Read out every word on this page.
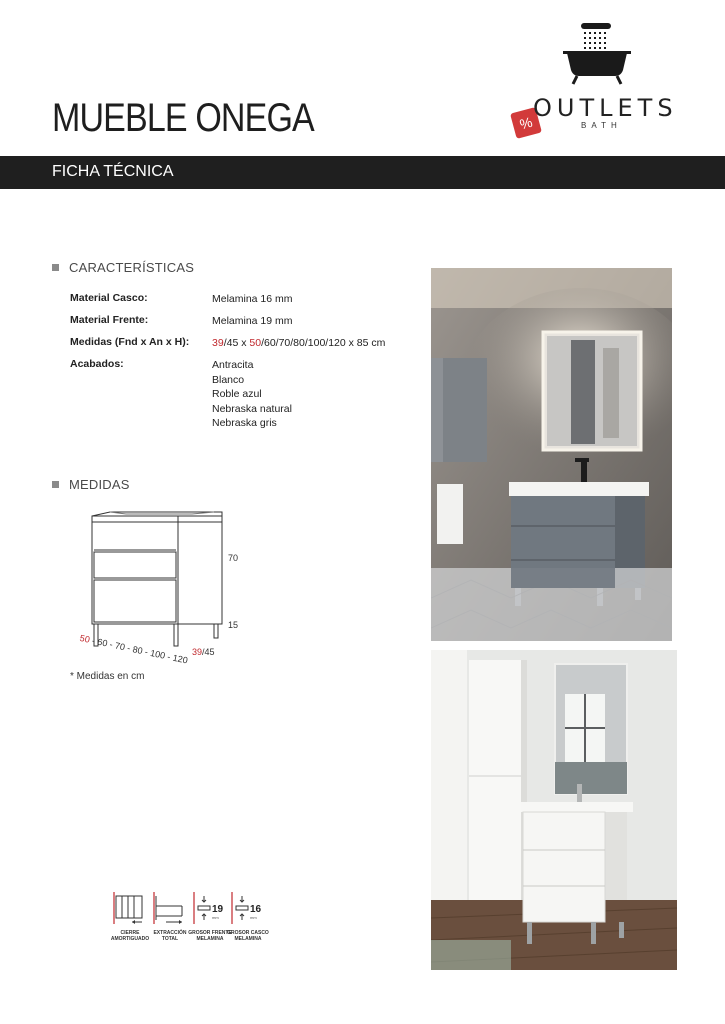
MUEBLE ONEGA	%
OUTLETS
BATH
FICHA TÉCNICA
CARACTERÍSTICAS
Material Casco:	Melamina 16 mm
Material Frente:	Melamina 19 mm
Medidas (Fnd x An x H): 39/45 x 50/60/70/80/100/120 x 85 cm
Acabados:	Antracita
Blanco
Roble azul
Nebraska natural
Nebraska gris
MEDIDAS
70
15
50 - 60 - 70 - 80 - 100 - 120 39/45
* Medidas en cm
CIERRE
AMORTIGUADO
EXTRACCIÓN
TOTAL
19
mm
GROSOR FRENTE
MELAMINA
16
mm
GROSOR CASCO
MELAMINA
